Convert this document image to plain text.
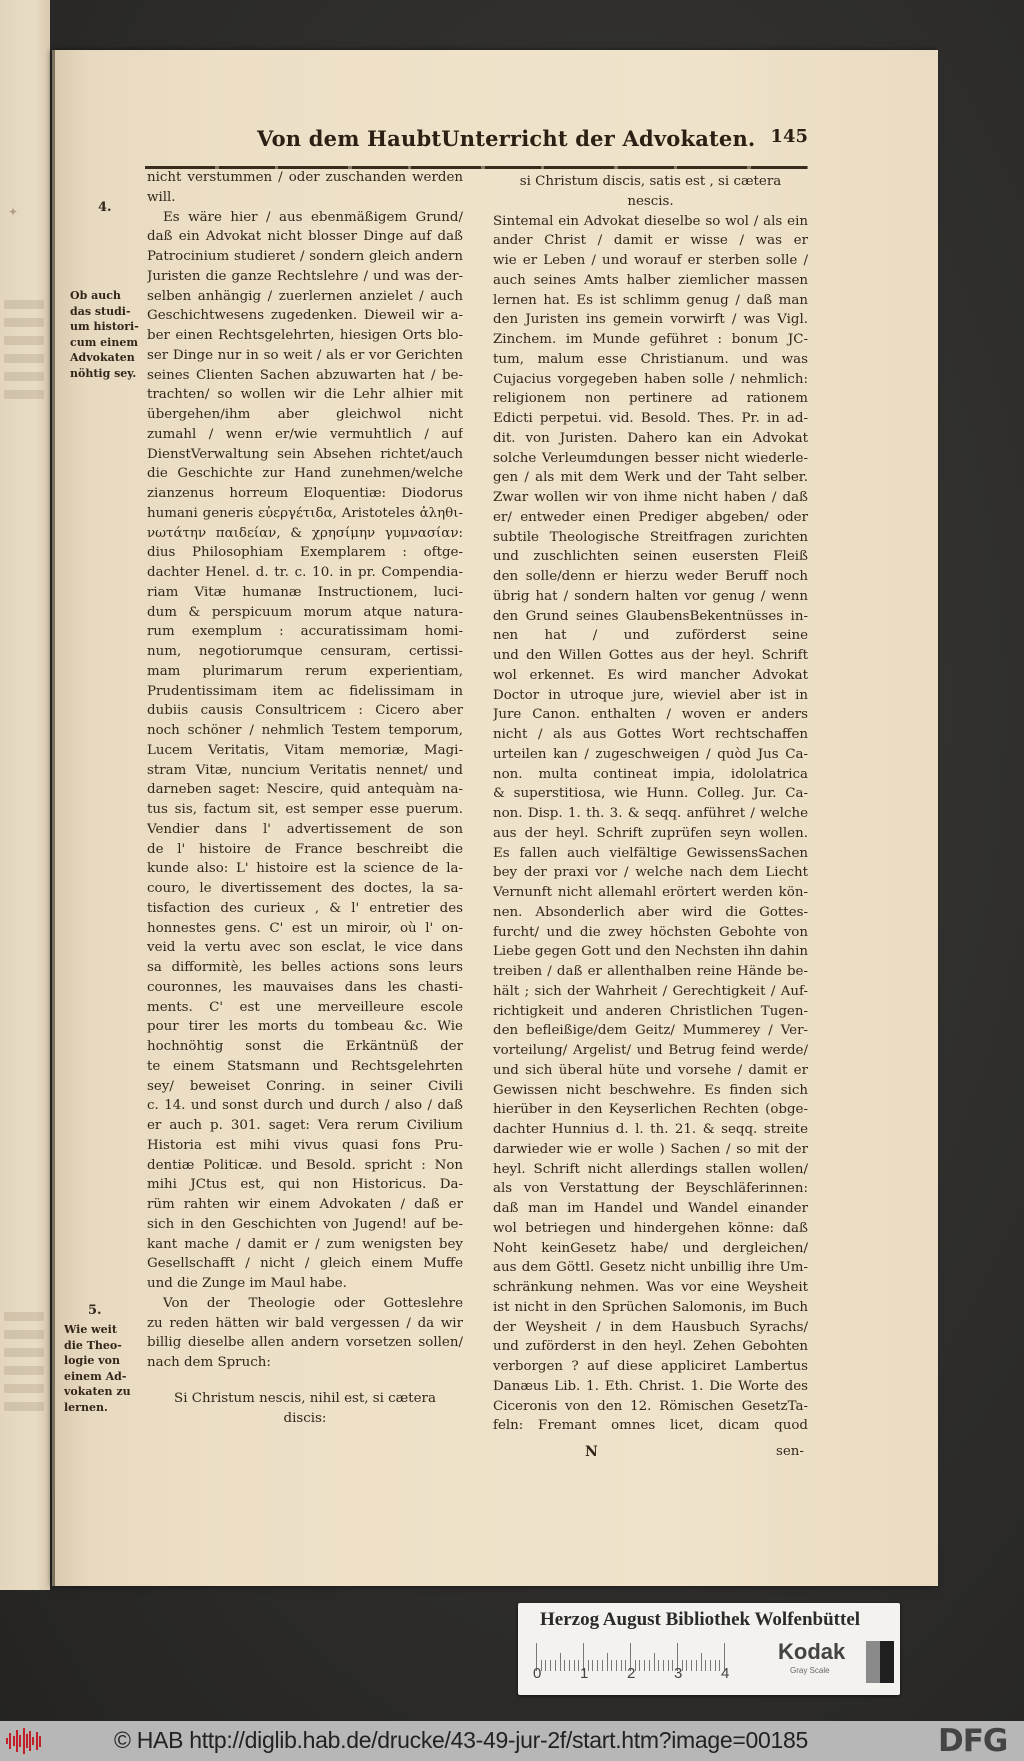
✦
Von dem HaubtUnterricht der Advokaten. 145
4.
Ob auch
das studi-
um histori-
cum einem
Advokaten
nöhtig sey.
5.
Wie weit
die Theo-
logie von
einem Ad-
vokaten zu
lernen.
nicht verstummen / oder zuschanden werden
will.
Es wäre hier / aus ebenmäßigem Grund/
daß ein Advokat nicht blosser Dinge auf daß
Patrocinium studieret / sondern gleich andern
Juristen die ganze Rechtslehre / und was der-
selben anhängig / zuerlernen anzielet / auch
Geschichtwesens zugedenken. Dieweil wir a-
ber einen Rechtsgelehrten, hiesigen Orts blo-
ser Dinge nur in so weit / als er vor Gerichten
seines Clienten Sachen abzuwarten hat / be-
trachten/ so wollen wir die Lehr alhier mit
übergehen/ihm aber gleichwol nicht
zumahl / wenn er/wie vermuhtlich / auf
DienstVerwaltung sein Absehen richtet/auch
die Geschichte zur Hand zunehmen/welche
zianzenus horreum Eloquentiæ: Diodorus
humani generis εὐεργέτιδα, Aristoteles ἀληθι-
νωτάτην παιδείαν, & χρησίμην γυμνασίαν:
dius Philosophiam Exemplarem : oftge-
dachter Henel. d. tr. c. 10. in pr. Compendia-
riam Vitæ humanæ Instructionem, luci-
dum & perspicuum morum atque natura-
rum exemplum : accuratissimam homi-
num, negotiorumque censuram, certissi-
mam plurimarum rerum experientiam,
Prudentissimam item ac fidelissimam in
dubiis causis Consultricem : Cicero aber
noch schöner / nehmlich Testem temporum,
Lucem Veritatis, Vitam memoriæ, Magi-
stram Vitæ, nuncium Veritatis nennet/ und
darneben saget: Nescire, quid antequàm na-
tus sis, factum sit, est semper esse puerum.
Vendier dans l' advertissement de son
de l' histoire de France beschreibt die
kunde also: L' histoire est la science de la-
couro, le divertissement des doctes, la sa-
tisfaction des curieux , & l' entretier des
honnestes gens. C' est un miroir, où l' on-
veid la vertu avec son esclat, le vice dans
sa difformitè, les belles actions sons leurs
couronnes, les mauvaises dans les chasti-
ments. C' est une merveilleure escole
pour tirer les morts du tombeau &c. Wie
hochnöhtig sonst die Erkäntnüß der
te einem Statsmann und Rechtsgelehrten
sey/ beweiset Conring. in seiner Civili
c. 14. und sonst durch und durch / also / daß
er auch p. 301. saget: Vera rerum Civilium
Historia est mihi vivus quasi fons Pru-
dentiæ Politicæ. und Besold. spricht : Non
mihi JCtus est, qui non Historicus. Da-
rüm rahten wir einem Advokaten / daß er
sich in den Geschichten von Jugend! auf be-
kant mache / damit er / zum wenigsten bey
Gesellschafft / nicht / gleich einem Muffe
und die Zunge im Maul habe.
Von der Theologie oder Gotteslehre
zu reden hätten wir bald vergessen / da wir
billig dieselbe allen andern vorsetzen sollen/
nach dem Spruch:
Si Christum nescis, nihil est, si cætera
discis:
si Christum discis, satis est , si cætera
nescis.
Sintemal ein Advokat dieselbe so wol / als ein
ander Christ / damit er wisse / was er
wie er Leben / und worauf er sterben solle /
auch seines Amts halber ziemlicher massen
lernen hat. Es ist schlimm genug / daß man
den Juristen ins gemein vorwirft / was Vigl.
Zinchem. im Munde geführet : bonum JC-
tum, malum esse Christianum. und was
Cujacius vorgegeben haben solle / nehmlich:
religionem non pertinere ad rationem
Edicti perpetui. vid. Besold. Thes. Pr. in ad-
dit. von Juristen. Dahero kan ein Advokat
solche Verleumdungen besser nicht wiederle-
gen / als mit dem Werk und der Taht selber.
Zwar wollen wir von ihme nicht haben / daß
er/ entweder einen Prediger abgeben/ oder
subtile Theologische Streitfragen zurichten
und zuschlichten seinen eusersten Fleiß
den solle/denn er hierzu weder Beruff noch
übrig hat / sondern halten vor genug / wenn
den Grund seines GlaubensBekentnüsses in-
nen hat / und zuförderst seine
und den Willen Gottes aus der heyl. Schrift
wol erkennet. Es wird mancher Advokat
Doctor in utroque jure, wieviel aber ist in
Jure Canon. enthalten / woven er anders
nicht / als aus Gottes Wort rechtschaffen
urteilen kan / zugeschweigen / quòd Jus Ca-
non. multa contineat impia, idololatrica
& superstitiosa, wie Hunn. Colleg. Jur. Ca-
non. Disp. 1. th. 3. & seqq. anführet / welche
aus der heyl. Schrift zuprüfen seyn wollen.
Es fallen auch vielfältige GewissensSachen
bey der praxi vor / welche nach dem Liecht
Vernunft nicht allemahl erörtert werden kön-
nen. Absonderlich aber wird die Gottes-
furcht/ und die zwey höchsten Gebohte von
Liebe gegen Gott und den Nechsten ihn dahin
treiben / daß er allenthalben reine Hände be-
hält ; sich der Wahrheit / Gerechtigkeit / Auf-
richtigkeit und anderen Christlichen Tugen-
den befleißige/dem Geitz/ Mummerey / Ver-
vorteilung/ Argelist/ und Betrug feind werde/
und sich überal hüte und vorsehe / damit er
Gewissen nicht beschwehre. Es finden sich
hierüber in den Keyserlichen Rechten (obge-
dachter Hunnius d. l. th. 21. & seqq. streite
darwieder wie er wolle ) Sachen / so mit der
heyl. Schrift nicht allerdings stallen wollen/
als von Verstattung der Beyschläferinnen:
daß man im Handel und Wandel einander
wol betriegen und hindergehen könne: daß
Noht keinGesetz habe/ und dergleichen/
aus dem Göttl. Gesetz nicht unbillig ihre Um-
schränkung nehmen. Was vor eine Weysheit
ist nicht in den Sprüchen Salomonis, im Buch
der Weysheit / in dem Hausbuch Syrachs/
und zuförderst in den heyl. Zehen Gebohten
verborgen ? auf diese appliciret Lambertus
Danæus Lib. 1. Eth. Christ. 1. Die Worte des
Ciceronis von den 12. Römischen GesetzTa-
feln: Fremant omnes licet, dicam quod
N	sen-
Herzog August Bibliothek Wolfenbüttel
0	1	2	3	4
Kodak
Gray Scale
© HAB http://diglib.hab.de/drucke/43-49-jur-2f/start.htm?image=00185	DFG
